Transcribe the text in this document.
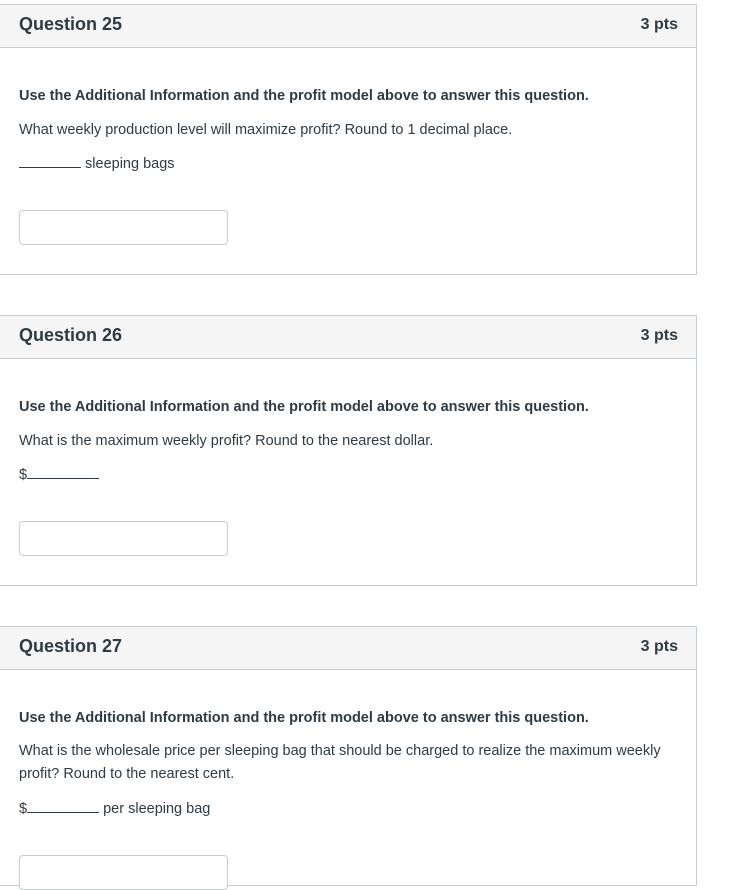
Question 25	3 pts
Use the Additional Information and the profit model above to answer this question.
What weekly production level will maximize profit? Round to 1 decimal place.
sleeping bags
Question 26	3 pts
Use the Additional Information and the profit model above to answer this question.
What is the maximum weekly profit? Round to the nearest dollar.
$
Question 27	3 pts
Use the Additional Information and the profit model above to answer this question.
What is the wholesale price per sleeping bag that should be charged to realize the maximum weekly profit? Round to the nearest cent.
$	per sleeping bag
